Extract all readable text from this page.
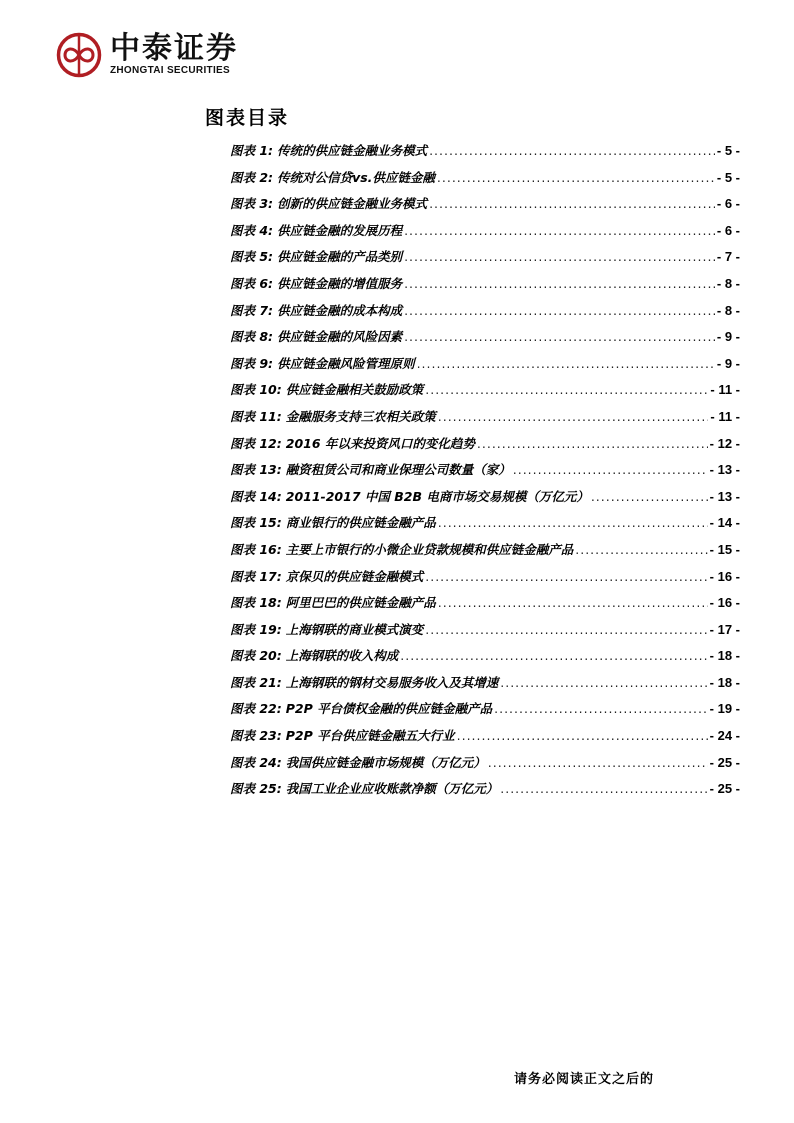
中泰证券
ZHONGTAI SECURITIES
图表目录
图表 1: 传统的供应链金融业务模式 .....	- 5 -
图表 2: 传统对公信贷vs.供应链金融 .....	- 5 -
图表 3: 创新的供应链金融业务模式 .....	- 6 -
图表 4: 供应链金融的发展历程 .....	- 6 -
图表 5: 供应链金融的产品类别 .....	- 7 -
图表 6: 供应链金融的增值服务 .....	- 8 -
图表 7: 供应链金融的成本构成 .....	- 8 -
图表 8: 供应链金融的风险因素 .....	- 9 -
图表 9: 供应链金融风险管理原则 .....	- 9 -
图表 10: 供应链金融相关鼓励政策 .....	- 11 -
图表 11: 金融服务支持三农相关政策 .....	- 11 -
图表 12: 2016 年以来投资风口的变化趋势 .....	- 12 -
图表 13: 融资租赁公司和商业保理公司数量（家） .....	- 13 -
图表 14: 2011-2017 中国 B2B 电商市场交易规模（万亿元） .....	- 13 -
图表 15: 商业银行的供应链金融产品 .....	- 14 -
图表 16: 主要上市银行的小微企业贷款规模和供应链金融产品 .....	- 15 -
图表 17: 京保贝的供应链金融模式 .....	- 16 -
图表 18: 阿里巴巴的供应链金融产品 .....	- 16 -
图表 19: 上海钢联的商业模式演变 .....	- 17 -
图表 20: 上海钢联的收入构成 .....	- 18 -
图表 21: 上海钢联的钢材交易服务收入及其增速 .....	- 18 -
图表 22: P2P 平台债权金融的供应链金融产品 .....	- 19 -
图表 23: P2P 平台供应链金融五大行业 .....	- 24 -
图表 24: 我国供应链金融市场规模（万亿元） .....	- 25 -
图表 25: 我国工业企业应收账款净额（万亿元） .....	- 25 -
请务必阅读正文之后的
